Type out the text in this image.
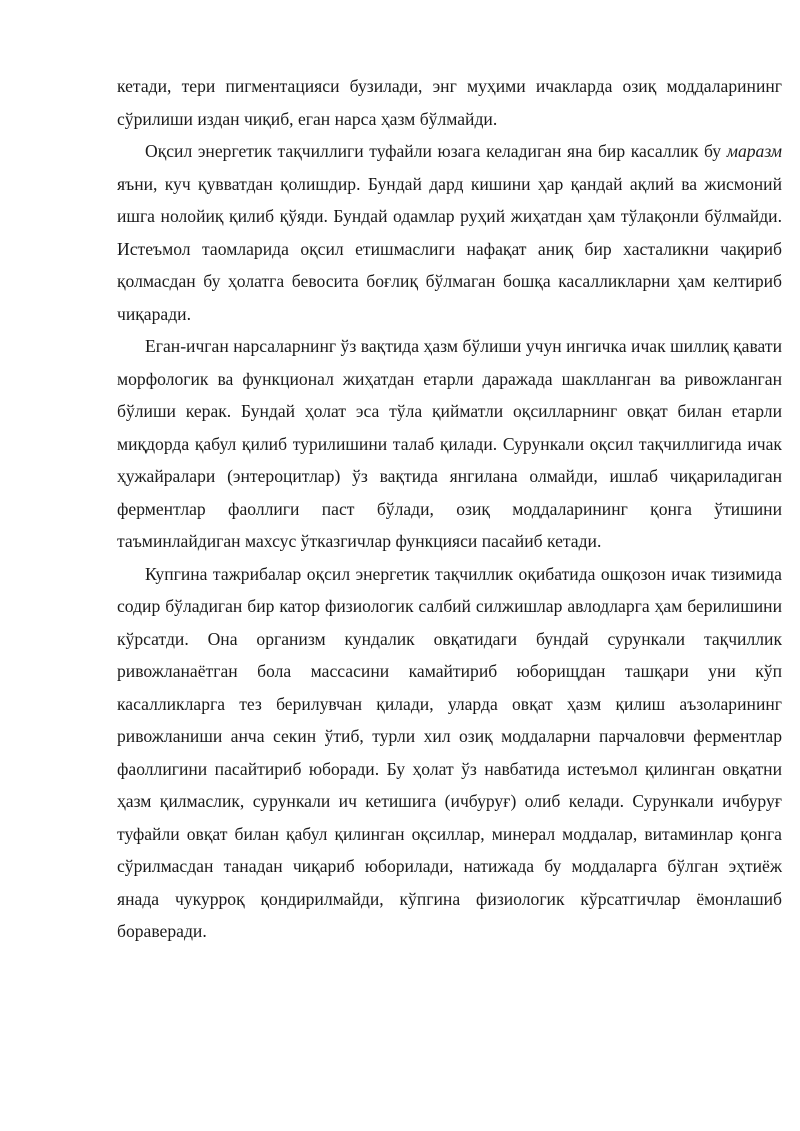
кетади, тери пигментацияси бузилади, энг муҳими ичакларда озиқ моддаларининг сўрилиши издан чиқиб, еган нарса ҳазм бўлмайди.

Оқсил энергетик тақчиллиги туфайли юзага келадиган яна бир касаллик бу маразм яъни, куч қувватдан қолишдир. Бундай дард кишини ҳар қандай ақлий ва жисмоний ишга нолойиқ қилиб қўяди. Бундай одамлар руҳий жиҳатдан ҳам тўлақонли бўлмайди. Истеъмол таомларида оқсил етишмаслиги нафақат аниқ бир хасталикни чақириб қолмасдан бу ҳолатга бевосита боғлиқ бўлмаган бошқа касалликларни ҳам келтириб чиқаради.

Еган-ичган нарсаларнинг ўз вақтида ҳазм бўлиши учун ингичка ичак шиллиқ қавати морфологик ва функционал жиҳатдан етарли даражада шаклланган ва ривожланган бўлиши керак. Бундай ҳолат эса тўла қийматли оқсилларнинг овқат билан етарли миқдорда қабул қилиб турилишини талаб қилади. Сурункали оқсил тақчиллигида ичак ҳужайралари (энтероцитлар) ўз вақтида янгилана олмайди, ишлаб чиқариладиган ферментлар фаоллиги паст бўлади, озиқ моддаларининг қонга ўтишини таъминлайдиган махсус ўтказгичлар функцияси пасайиб кетади.

Купгина тажрибалар оқсил энергетик тақчиллик оқибатида ошқозон ичак тизимида содир бўладиган бир катор физиологик салбий силжишлар авлодларга ҳам берилишини кўрсатди. Она организм кундалик овқатидаги бундай сурункали тақчиллик ривожланаётган бола массасини камайтириб юборищдан ташқари уни кўп касалликларга тез берилувчан қилади, уларда овқат ҳазм қилиш аъзоларининг ривожланиши анча секин ўтиб, турли хил озиқ моддаларни парчаловчи ферментлар фаоллигини пасайтириб юборади. Бу ҳолат ўз навбатида истеъмол қилинган овқатни ҳазм қилмаслик, сурункали ич кетишига (ичбуруғ) олиб келади. Сурункали ичбуруғ туфайли овқат билан қабул қилинган оқсиллар, минерал моддалар, витаминлар қонга сўрилмасдан танадан чиқариб юборилади, натижада бу моддаларга бўлган эҳтиёж янада чукурроқ қондирилмайди, кўпгина физиологик кўрсатгичлар ёмонлашиб бораверади.
